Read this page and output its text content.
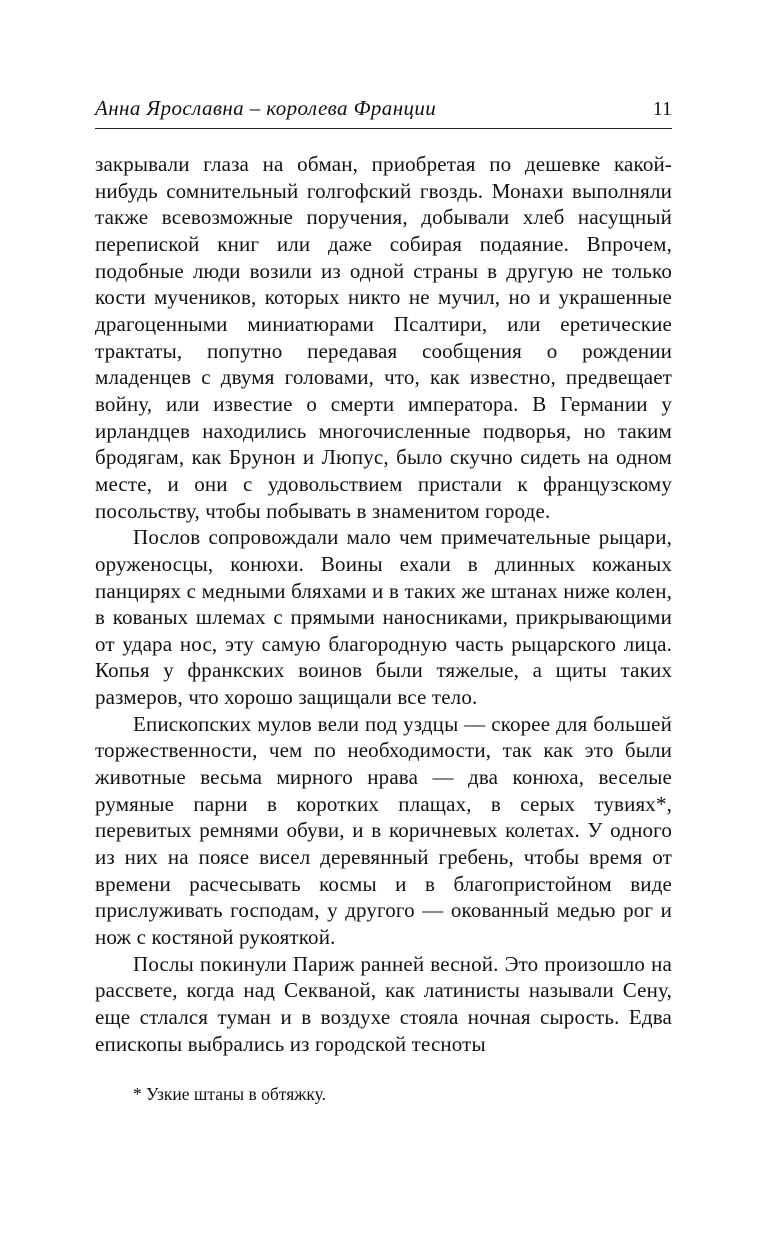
Анна Ярославна – королева Франции	11

закрывали глаза на обман, приобретая по дешевке какой-нибудь сомнительный голгофский гвоздь. Монахи выполняли также всевозможные поручения, добывали хлеб насущный перепиской книг или даже собирая подаяние. Впрочем, подобные люди возили из одной страны в другую не только кости мучеников, которых никто не мучил, но и украшенные драгоценными миниатюрами Псалтири, или еретические трактаты, попутно передавая сообщения о рождении младенцев с двумя головами, что, как известно, предвещает войну, или известие о смерти императора. В Германии у ирландцев находились многочисленные подворья, но таким бродягам, как Брунон и Люпус, было скучно сидеть на одном месте, и они с удовольствием пристали к французскому посольству, чтобы побывать в знаменитом городе.

Послов сопровождали мало чем примечательные рыцари, оруженосцы, конюхи. Воины ехали в длинных кожаных панцирях с медными бляхами и в таких же штанах ниже колен, в кованых шлемах с прямыми наносниками, прикрывающими от удара нос, эту самую благородную часть рыцарского лица. Копья у франкских воинов были тяжелые, а щиты таких размеров, что хорошо защищали все тело.

Епископских мулов вели под уздцы — скорее для большей торжественности, чем по необходимости, так как это были животные весьма мирного нрава — два конюха, веселые румяные парни в коротких плащах, в серых тувиях*, перевитых ремнями обуви, и в коричневых колетах. У одного из них на поясе висел деревянный гребень, чтобы время от времени расчесывать космы и в благопристойном виде прислуживать господам, у другого — окованный медью рог и нож с костяной рукояткой.

Послы покинули Париж ранней весной. Это произошло на рассвете, когда над Секваной, как латинисты называли Сену, еще стлался туман и в воздухе стояла ночная сырость. Едва епископы выбрались из городской тесноты

* Узкие штаны в обтяжку.
